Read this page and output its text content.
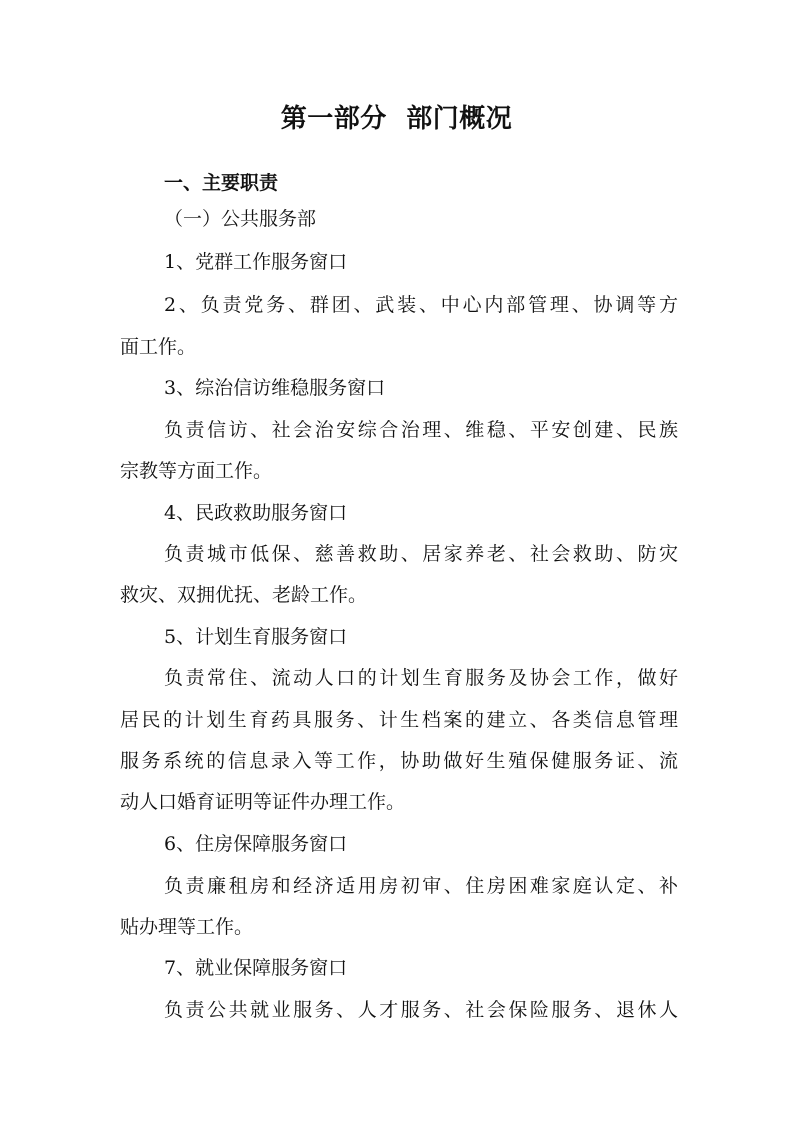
第一部分 部门概况
一、主要职责
（一）公共服务部
1、党群工作服务窗口
2、负责党务、群团、武装、中心内部管理、协调等方
面工作。
3、综治信访维稳服务窗口
负责信访、社会治安综合治理、维稳、平安创建、民族
宗教等方面工作。
4、民政救助服务窗口
负责城市低保、慈善救助、居家养老、社会救助、防灾
救灾、双拥优抚、老龄工作。
5、计划生育服务窗口
负责常住、流动人口的计划生育服务及协会工作，做好
居民的计划生育药具服务、计生档案的建立、各类信息管理
服务系统的信息录入等工作，协助做好生殖保健服务证、流
动人口婚育证明等证件办理工作。
6、住房保障服务窗口
负责廉租房和经济适用房初审、住房困难家庭认定、补
贴办理等工作。
7、就业保障服务窗口
负责公共就业服务、人才服务、社会保险服务、退休人
